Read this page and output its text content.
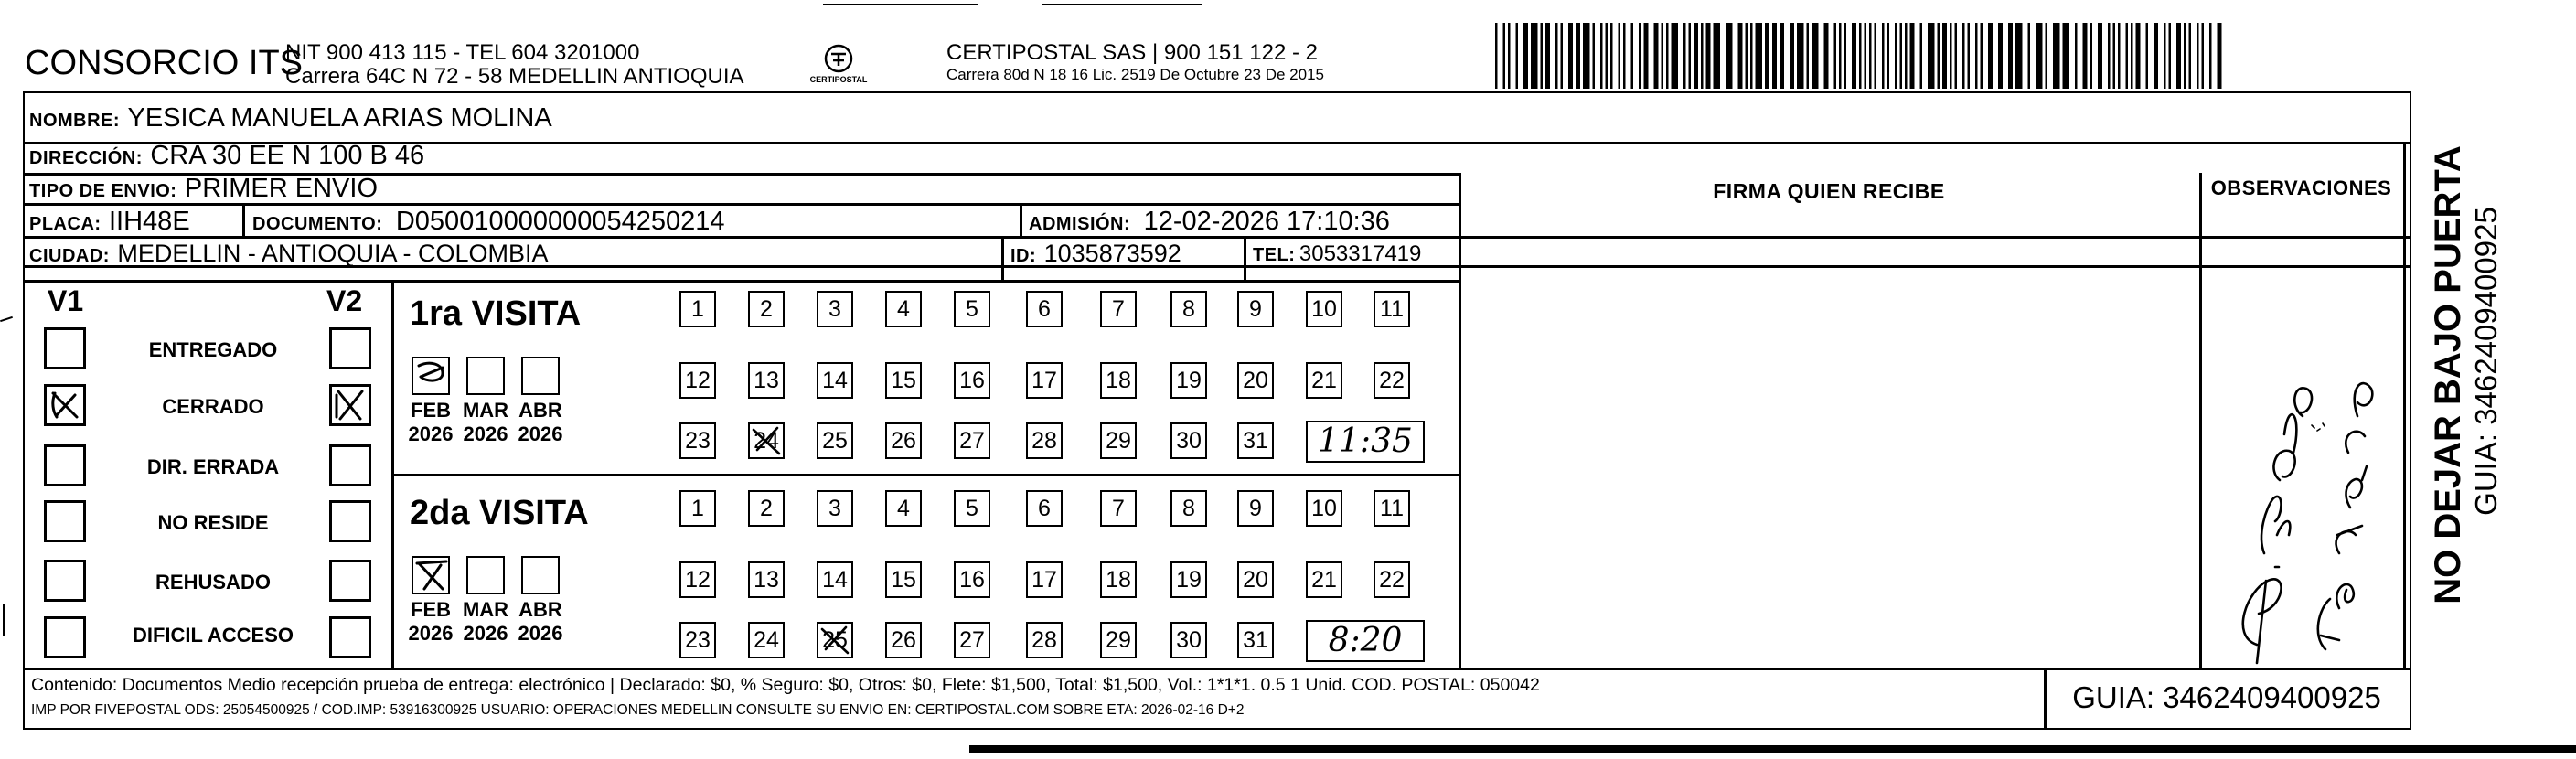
CONSORCIO ITS
NIT 900 413 115 - TEL 604 3201000
Carrera 64C N 72 - 58 MEDELLIN ANTIOQUIA	CERTIPOSTAL
CERTIPOSTAL SAS | 900 151 122 - 2
Carrera 80d N 18 16 Lic. 2519 De Octubre 23 De 2015
NOMBRE: YESICA MANUELA ARIAS MOLINA
DIRECCIÓN: CRA 30 EE N 100 B 46
TIPO DE ENVIO: PRIMER ENVIO	FIRMA QUIEN RECIBE	OBSERVACIONES
PLACA: IIH48E	DOCUMENTO: D050010000000054250214	ADMISIÓN: 12-02-2026 17:10:36
CIUDAD: MEDELLIN - ANTIOQUIA - COLOMBIA	ID: 1035873592	TEL: 3053317419
V1	V2
ENTREGADO
CERRADO
DIR. ERRADA
NO RESIDE
REHUSADO
DIFICIL ACCESO
1ra VISITA
FEB
2026
MAR
2026
ABR
2026
1	2	3	4	5	6	7	8	9	10 11
12 13 14 15 16 17 18 19 20 21 22
23 24 25 26 27 28 29 30 31	11:35
2da VISITA
FEB
2026
MAR
2026
ABR
2026
1	2	3	4	5	6	7	8	9	10 11
12 13 14 15 16 17 18 19 20 21 22
23 24 25 26 27 28 29 30 31	8:20
Contenido: Documentos Medio recepción prueba de entrega: electrónico | Declarado: $0, % Seguro: $0, Otros: $0, Flete: $1,500, Total: $1,500, Vol.: 1*1*1. 0.5 1 Unid. COD. POSTAL: 050042
IMP POR FIVEPOSTAL ODS: 25054500925 / COD.IMP: 53916300925 USUARIO: OPERACIONES MEDELLIN CONSULTE SU ENVIO EN: CERTIPOSTAL.COM SOBRE ETA: 2026-02-16 D+2	GUIA: 3462409400925
NO DEJAR BAJO PUERTA GUIA: 3462409400925
